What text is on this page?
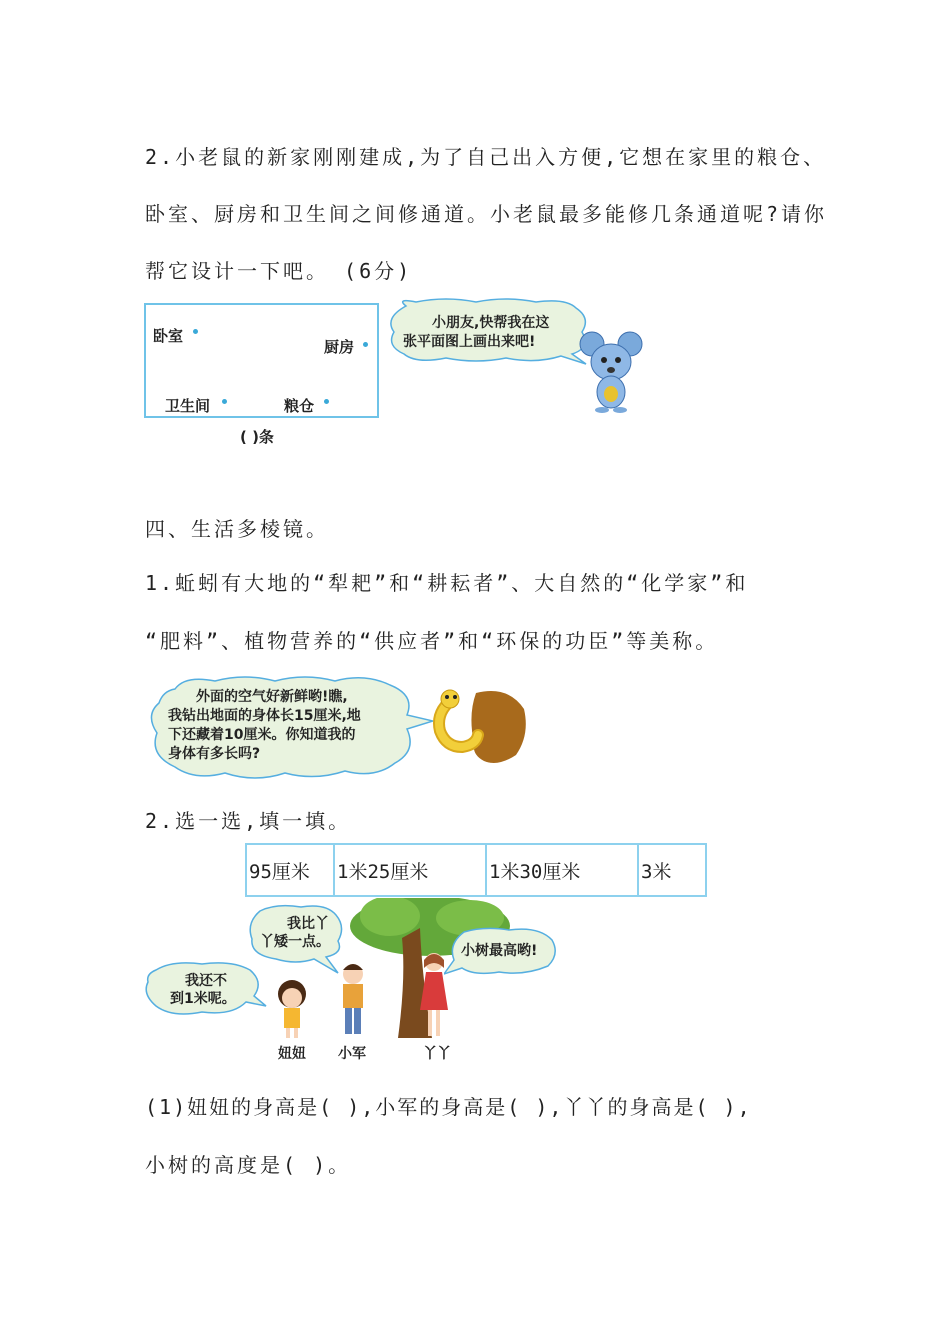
2.小老鼠的新家刚刚建成,为了自己出入方便,它想在家里的粮仓、
卧室、厨房和卫生间之间修通道。小老鼠最多能修几条通道呢?请你
帮它设计一下吧。 (6分)
卧室
厨房
卫生间	粮仓
( )条
小朋友,快帮我在这
张平面图上画出来吧!
四、生活多棱镜。
1.蚯蚓有大地的“犁耙”和“耕耘者”、大自然的“化学家”和
“肥料”、植物营养的“供应者”和“环保的功臣”等美称。
外面的空气好新鲜哟!瞧,
我钻出地面的身体长15厘米,地
下还藏着10厘米。你知道我的
身体有多长吗?
2.选一选,填一填。
95厘米	1米25厘米	1米30厘米	3米
我还不
到1米呢。
我比丫
丫矮一点。
小树最高哟!
妞妞 小军	丫丫
(1)妞妞的身高是( ),小军的身高是( ),丫丫的身高是( ),
小树的高度是( )。
